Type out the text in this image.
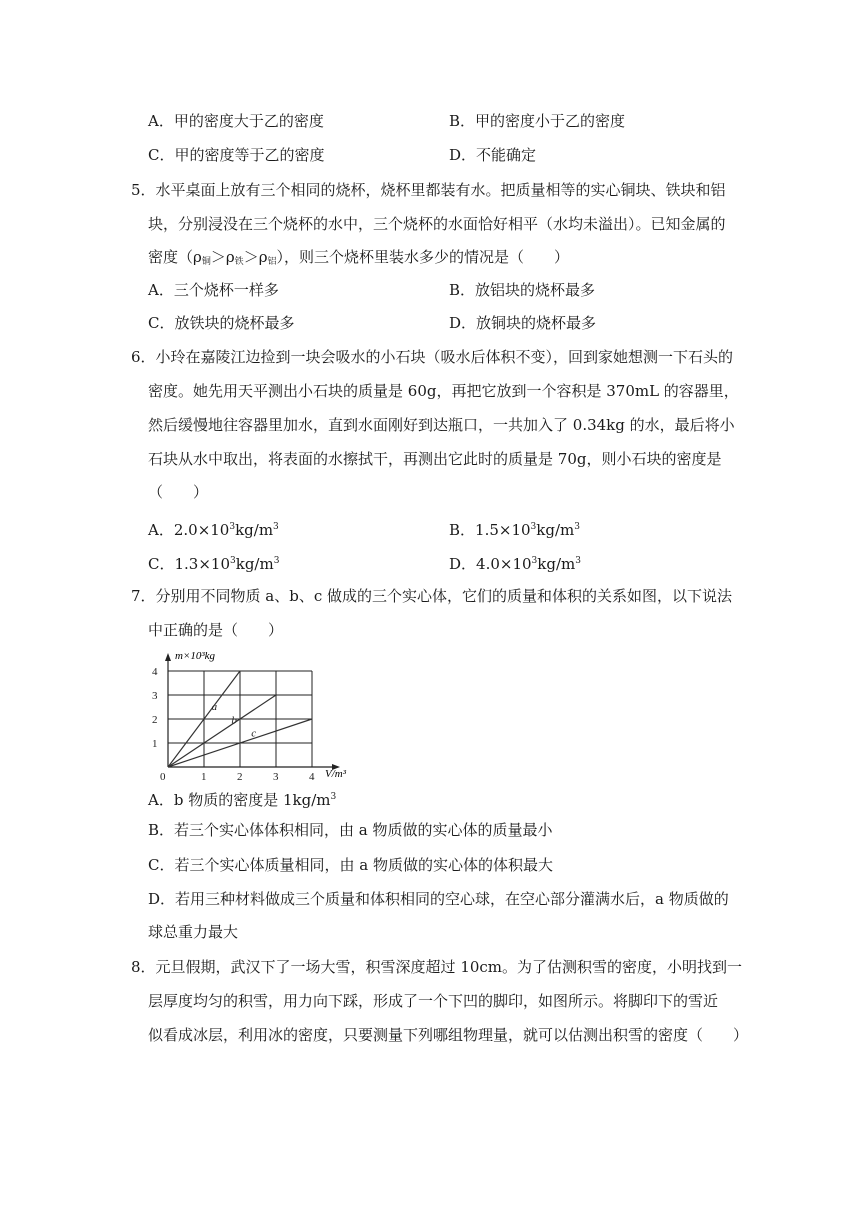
A．甲的密度大于乙的密度	B．甲的密度小于乙的密度
C．甲的密度等于乙的密度	D．不能确定
5．水平桌面上放有三个相同的烧杯，烧杯里都装有水。把质量相等的实心铜块、铁块和铝
块，分别浸没在三个烧杯的水中，三个烧杯的水面恰好相平（水均未溢出）。已知金属的
密度$(\rho_铜>\rho_铁>\rho_铝)$，则三个烧杯里装水多少的情况是（　　）
A．三个烧杯一样多	B．放铝块的烧杯最多
C．放铁块的烧杯最多	D．放铜块的烧杯最多
6．小玲在嘉陵江边捡到一块会吸水的小石块（吸水后体积不变），回到家她想测一下石头的
密度。她先用天平测出小石块的质量是 60g，再把它放到一个容积是 370mL 的容器里，
然后缓慢地往容器里加水，直到水面刚好到达瓶口，一共加入了 0.34kg 的水，最后将小
石块从水中取出，将表面的水擦拭干，再测出它此时的质量是 70g，则小石块的密度是
（　　）
A．$2.0\times 10^3kg/m^3$	B．$1.5\times 10^3kg/m^3$
C．$1.3\times 10^3kg/m^3$	D．$4.0\times 10^3kg/m^3$
7．分别用不同物质 a、b、c 做成的三个实心体，它们的质量和体积的关系如图，以下说法
中正确的是（　　）
a
b
c
0	1	2	3	4
1
2
3
4
m×10³kg
V/m³
A．b 物质的密度是 $1kg/m^3$
B．若三个实心体体积相同，由 a 物质做的实心体的质量最小
C．若三个实心体质量相同，由 a 物质做的实心体的体积最大
D．若用三种材料做成三个质量和体积相同的空心球，在空心部分灌满水后，a 物质做的
球总重力最大
8．元旦假期，武汉下了一场大雪，积雪深度超过 10cm。为了估测积雪的密度，小明找到一
层厚度均匀的积雪，用力向下踩，形成了一个下凹的脚印，如图所示。将脚印下的雪近
似看成冰层，利用冰的密度，只要测量下列哪组物理量，就可以估测出积雪的密度（　　）
